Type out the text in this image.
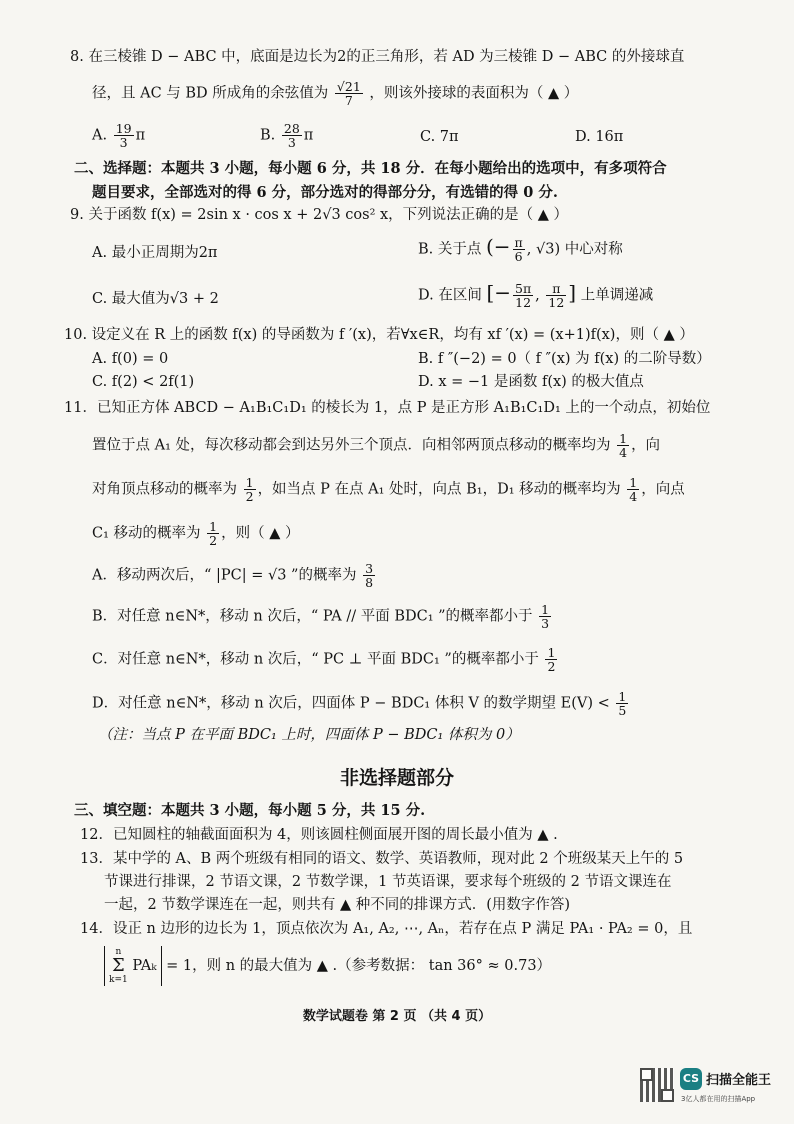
8. 在三棱锥 D − ABC 中，底面是边长为2的正三角形，若 AD 为三棱锥 D − ABC 的外接球直
径，且 AC 与 BD 所成角的余弦值为 $\frac{√21}{7}$ ，则该外接球的表面积为（ ▲ ）
A. $\frac{19}{3}$ π	B. $\frac{28}{3}$ π	C. 7π	D. 16π
二、选择题：本题共 3 小题，每小题 6 分，共 18 分．在每小题给出的选项中，有多项符合
题目要求，全部选对的得 6 分，部分选对的得部分分，有选错的得 0 分.
9. 关于函数 f(x) = 2sin x · cos x + 2√3 cos² x，下列说法正确的是（ ▲ ）
A. 最小正周期为2π	B. 关于点 (− $\frac{\pi}{6}$ , √3) 中心对称
C. 最大值为√3 + 2	D. 在区间 [− $\frac{5\pi}{12}$ , $\frac{\pi}{12}$ ] 上单调递减
10. 设定义在 R 上的函数 f(x) 的导函数为 f ′(x)，若∀x∈R，均有 xf ′(x) = (x+1)f(x)，则（ ▲ ）
A. f(0) = 0	B. f ″(−2) = 0（ f ″(x) 为 f(x) 的二阶导数）
C. f(2) < 2f(1)	D. x = −1 是函数 f(x) 的极大值点
11．已知正方体 ABCD − A₁B₁C₁D₁ 的棱长为 1，点 P 是正方形 A₁B₁C₁D₁ 上的一个动点，初始位
置位于点 A₁ 处，每次移动都会到达另外三个顶点．向相邻两顶点移动的概率均为 $\frac{1}{4}$ ，向
对角顶点移动的概率为 $\frac{1}{2}$ ，如当点 P 在点 A₁ 处时，向点 B₁，D₁ 移动的概率均为 $\frac{1}{4}$ ，向点
C₁ 移动的概率为 $\frac{1}{2}$ ，则（ ▲ ）
A．移动两次后，“ |PC| = √3 ”的概率为 $\frac{3}{8}$
B．对任意 n∈N*，移动 n 次后，“ PA // 平面 BDC₁ ”的概率都小于 $\frac{1}{3}$
C．对任意 n∈N*，移动 n 次后，“ PC ⊥ 平面 BDC₁ ”的概率都小于 $\frac{1}{2}$
D．对任意 n∈N*，移动 n 次后，四面体 P − BDC₁ 体积 V 的数学期望 $E(V) < \frac{1}{5}$
（注：当点 P 在平面 BDC₁ 上时，四面体 P − BDC₁ 体积为 0）
非选择题部分
三、填空题：本题共 3 小题，每小题 5 分，共 15 分.
12．已知圆柱的轴截面面积为 4，则该圆柱侧面展开图的周长最小值为 ▲ .
13．某中学的 A、B 两个班级有相同的语文、数学、英语教师，现对此 2 个班级某天上午的 5
节课进行排课，2 节语文课，2 节数学课，1 节英语课，要求每个班级的 2 节语文课连在
一起，2 节数学课连在一起，则共有 ▲ 种不同的排课方式．(用数字作答)
14．设正 n 边形的边长为 1，顶点依次为 A₁, A₂, ⋯, Aₙ，若存在点 P 满足 PA₁ · PA₂ = 0，且
n
Σ
k=1 PAₖ = 1，则 n 的最大值为 ▲ .（参考数据： tan 36° ≈ 0.73）
数学试题卷 第 2 页 （共 4 页）
CS 扫描全能王
3亿人都在用的扫描App
